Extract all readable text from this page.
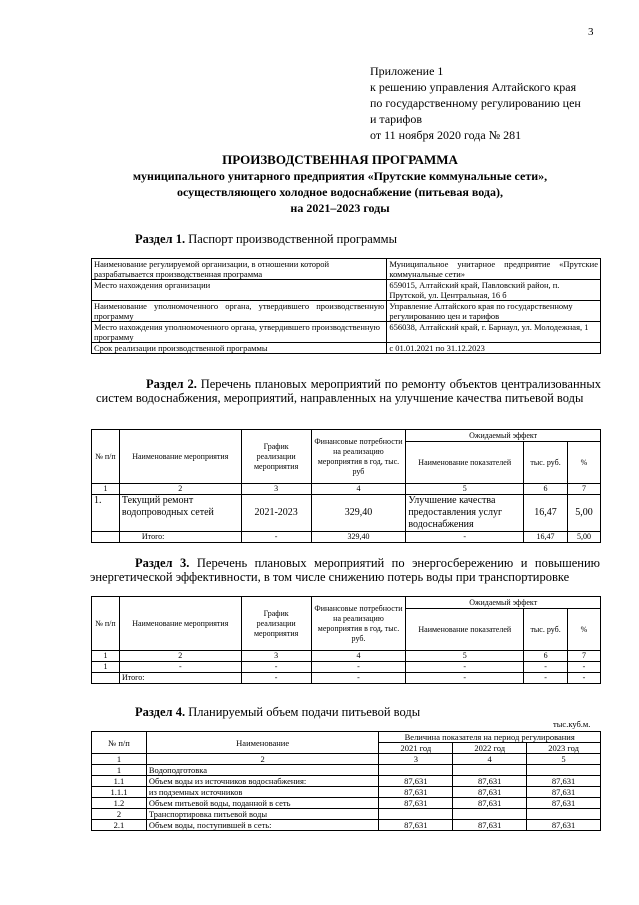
3
Приложение 1
к решению управления Алтайского края
по государственному регулированию цен
и тарифов
от 11 ноября 2020 года № 281
ПРОИЗВОДСТВЕННАЯ ПРОГРАММА
муниципального унитарного предприятия «Прутские коммунальные сети»,
осуществляющего холодное водоснабжение (питьевая вода),
на 2021–2023 годы
Раздел 1. Паспорт производственной программы
Наименование регулируемой организации, в отношении которой разрабатывается производственная программа	Муниципальное унитарное предприятие «Прутские коммунальные сети»
Место нахождения организации	659015, Алтайский край, Павловский район, п. Прутской, ул. Центральная, 16 б
Наименование уполномоченного органа, утвердившего производственную программу	Управление Алтайского края по государственному регулированию цен и тарифов
Место нахождения уполномоченного органа, утвердившего производственную программу	656038, Алтайский край, г. Барнаул, ул. Молодежная, 1
Срок реализации производственной программы	с 01.01.2021 по 31.12.2023
Раздел 2. Перечень плановых мероприятий по ремонту объектов централизованных систем водоснабжения, мероприятий, направленных на улучшение качества питьевой воды
№ п/п	Наименование мероприятия	График реализации мероприятия	Финансовые потребности на реализацию мероприятия в год, тыс. руб	Ожидаемый эффект		
				Наименование показателей	тыс. руб.	%
1	2	3	4	5	6	7
1.	Текущий ремонт водопроводных сетей	2021-2023	329,40	Улучшение качества предоставления услуг водоснабжения	16,47	5,00
	Итого:	-	329,40	-	16,47	5,00
Раздел 3. Перечень плановых мероприятий по энергосбережению и повышению энергетической эффективности, в том числе снижению потерь воды при транспортировке
№ п/п	Наименование мероприятия	График реализации мероприятия	Финансовые потребности на реализацию мероприятия в год, тыс. руб.	Ожидаемый эффект		
				Наименование показателей	тыс. руб.	%
1	2	3	4	5	6	7
1	-	-	-	-	-	-
	Итого:	-	-	-	-	-
Раздел 4. Планируемый объем подачи питьевой воды
тыс.куб.м.
№ п/п	Наименование	Величина показателя на период регулирования		
		2021 год	2022 год	2023 год
1	2	3	4	5
1	Водоподготовка			
1.1	Объем воды из источников водоснабжения:	87,631	87,631	87,631
1.1.1	из подземных источников	87,631	87,631	87,631
1.2	Объем питьевой воды, поданной в сеть	87,631	87,631	87,631
2	Транспортировка питьевой воды			
2.1	Объем воды, поступившей в сеть:	87,631	87,631	87,631
